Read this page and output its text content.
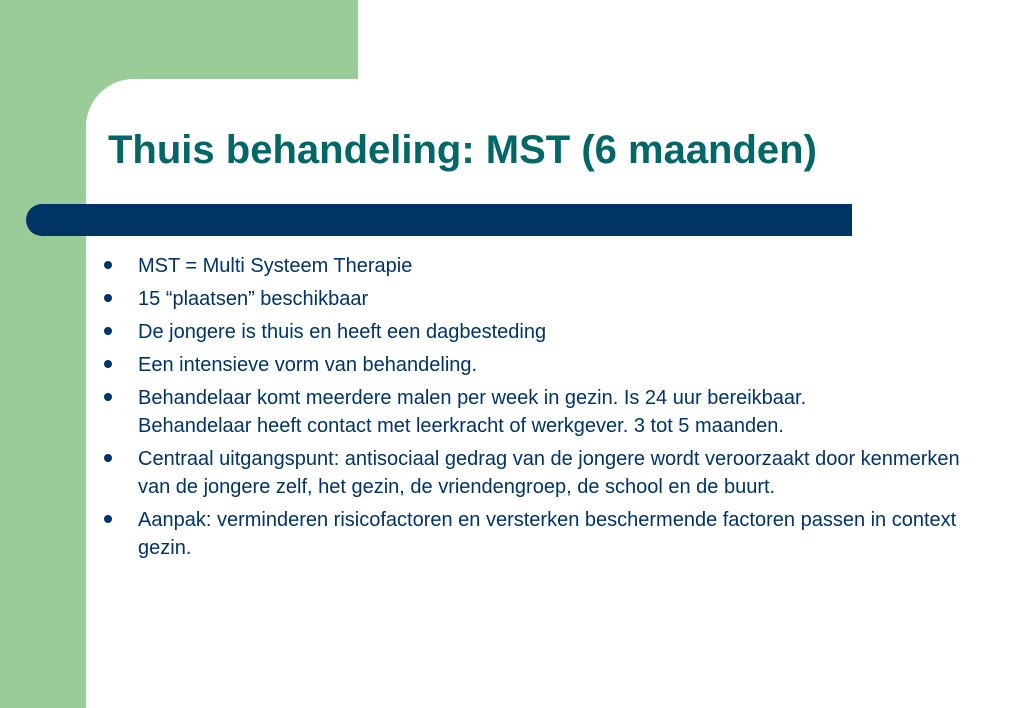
Thuis behandeling: MST (6 maanden)
MST = Multi Systeem Therapie
15 “plaatsen” beschikbaar
De jongere is thuis en heeft een dagbesteding
Een intensieve vorm van behandeling.
Behandelaar komt meerdere malen per week in gezin. Is 24 uur bereikbaar.
Behandelaar heeft contact met leerkracht of werkgever. 3 tot 5 maanden.
Centraal uitgangspunt: antisociaal gedrag van de jongere wordt veroorzaakt door kenmerken van de jongere zelf, het gezin, de vriendengroep, de school en de buurt.
Aanpak: verminderen risicofactoren en versterken beschermende factoren passen in context gezin.
